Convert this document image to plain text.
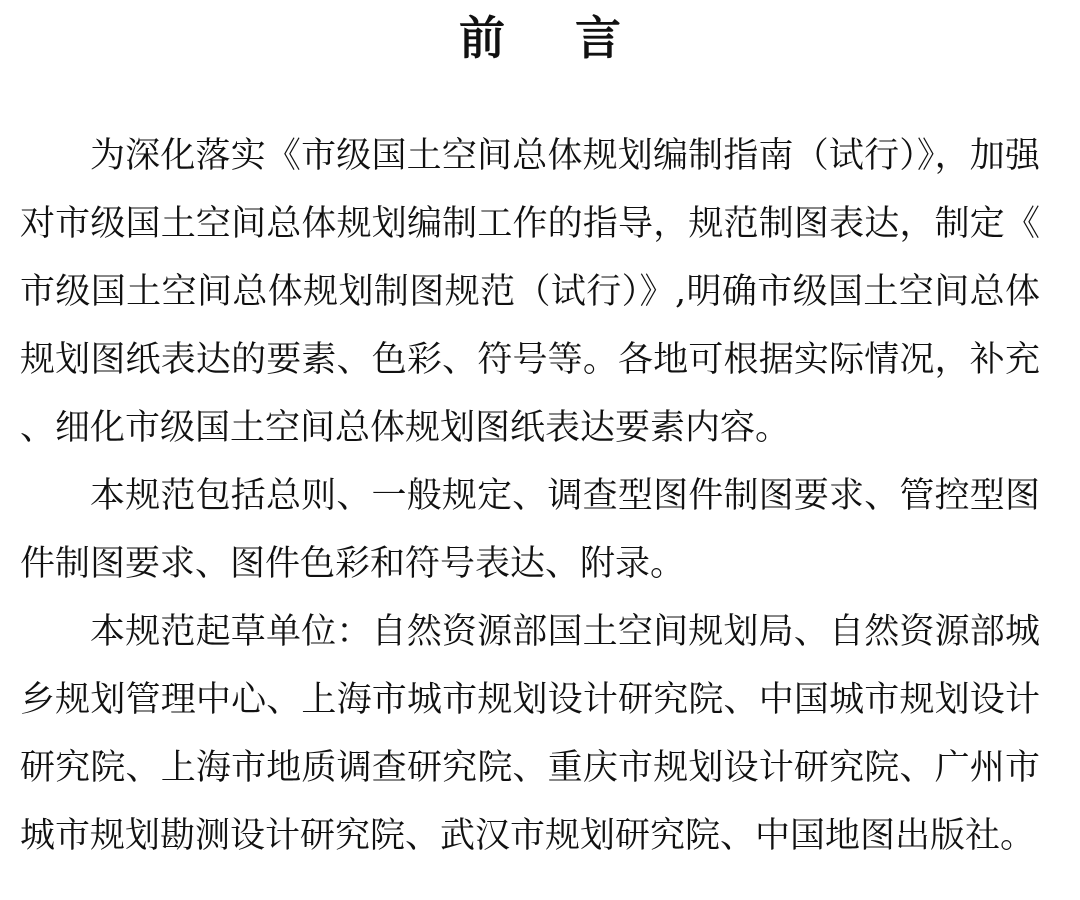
前言

为深化落实《市级国土空间总体规划编制指南（试行）》，加强对市级国土空间总体规划编制工作的指导，规范制图表达，制定《市级国土空间总体规划制图规范（试行）》,明确市级国土空间总体规划图纸表达的要素、色彩、符号等。各地可根据实际情况，补充、细化市级国土空间总体规划图纸表达要素内容。

本规范包括总则、一般规定、调查型图件制图要求、管控型图件制图要求、图件色彩和符号表达、附录。

本规范起草单位：自然资源部国土空间规划局、自然资源部城乡规划管理中心、上海市城市规划设计研究院、中国城市规划设计研究院、上海市地质调查研究院、重庆市规划设计研究院、广州市城市规划勘测设计研究院、武汉市规划研究院、中国地图出版社。
